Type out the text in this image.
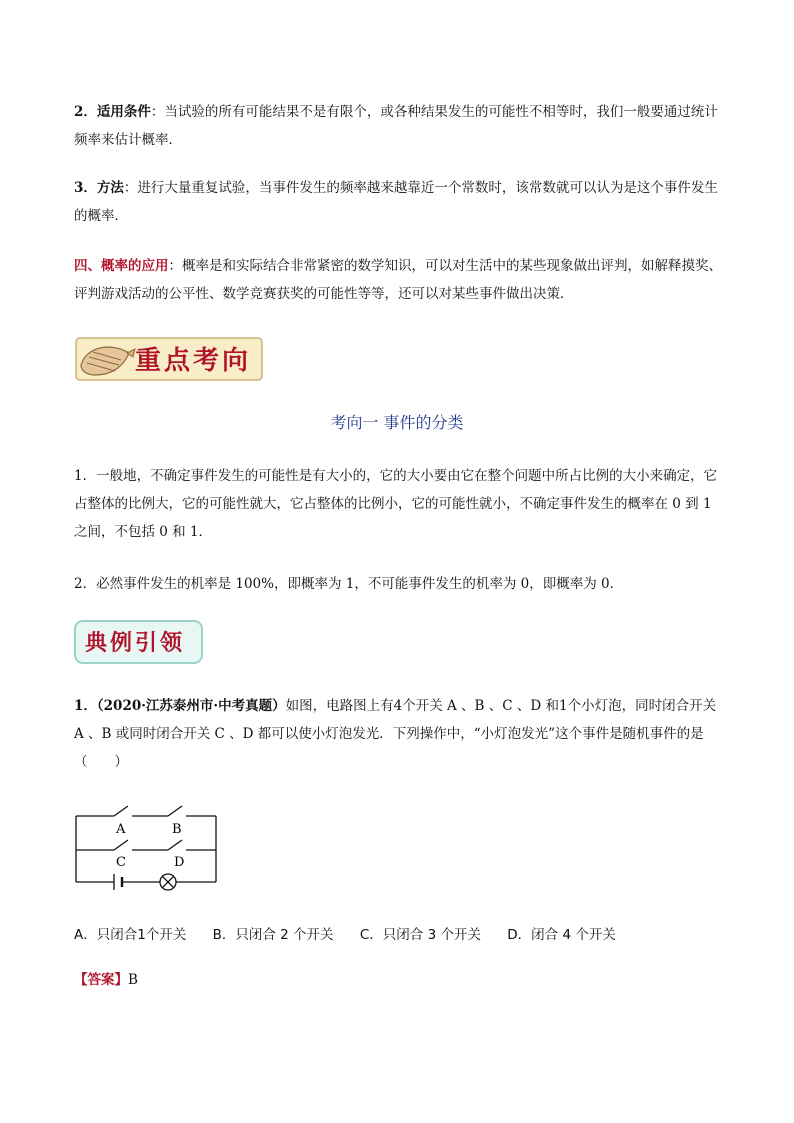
2．适用条件：当试验的所有可能结果不是有限个，或各种结果发生的可能性不相等时，我们一般要通过统计频率来估计概率．
3．方法：进行大量重复试验，当事件发生的频率越来越靠近一个常数时，该常数就可以认为是这个事件发生的概率．
四、概率的应用：概率是和实际结合非常紧密的数学知识，可以对生活中的某些现象做出评判，如解释摸奖、评判游戏活动的公平性、数学竞赛获奖的可能性等等，还可以对某些事件做出决策．
重点考向
考向一 事件的分类
1．一般地，不确定事件发生的可能性是有大小的，它的大小要由它在整个问题中所占比例的大小来确定，它占整体的比例大，它的可能性就大，它占整体的比例小，它的可能性就小，不确定事件发生的概率在 0 到 1 之间，不包括 0 和 1．
2．必然事件发生的机率是 100%，即概率为 1，不可能事件发生的机率为 0，即概率为 0．
典例引领
1．（2020·江苏泰州市·中考真题）如图，电路图上有4个开关 A 、B 、C 、D 和1个小灯泡，同时闭合开关 A 、B 或同时闭合开关 C 、D 都可以使小灯泡发光．下列操作中，“小灯泡发光”这个事件是随机事件的是（　　）
A	B
C	D
A．只闭合1个开关 B．只闭合 2 个开关 C．只闭合 3 个开关 D．闭合 4 个开关
【答案】B
